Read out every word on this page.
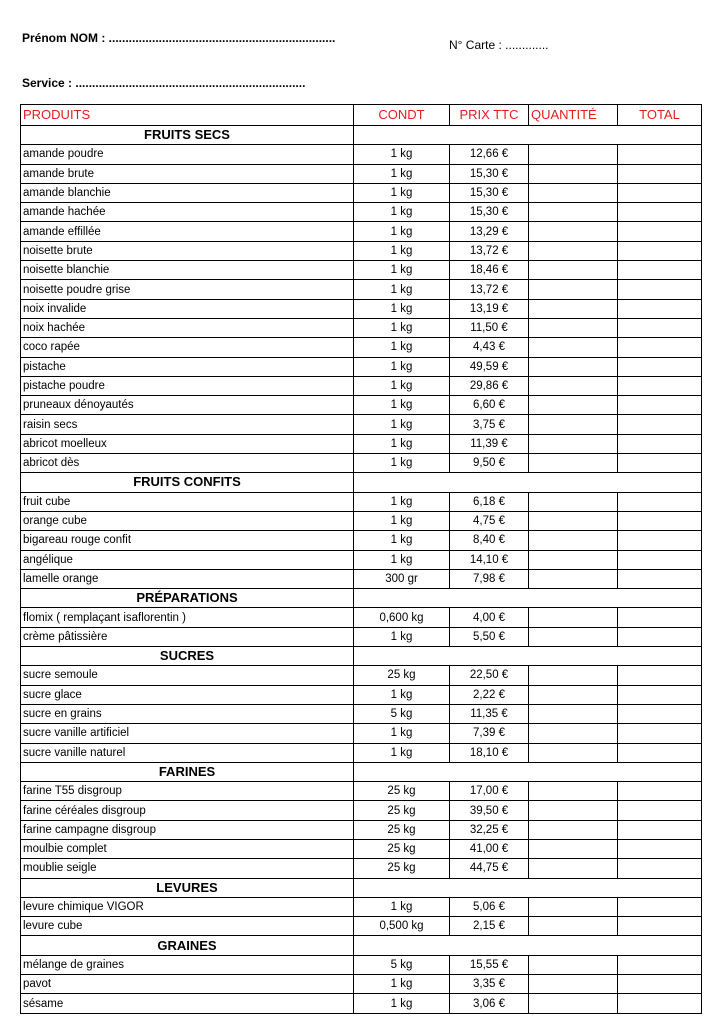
Prénom NOM : ....................................................................	N° Carte : .............
Service : .....................................................................
PRODUITS	CONDT	PRIX TTC	QUANTITÉ	TOTAL
FRUITS SECS				
amande poudre	1 kg	12,66 €		
amande brute	1 kg	15,30 €		
amande blanchie	1 kg	15,30 €		
amande hachée	1 kg	15,30 €		
amande effillée	1 kg	13,29 €		
noisette brute	1 kg	13,72 €		
noisette blanchie	1 kg	18,46 €		
noisette poudre grise	1 kg	13,72 €		
noix invalide	1 kg	13,19 €		
noix hachée	1 kg	11,50 €		
coco rapée	1 kg	4,43 €		
pistache	1 kg	49,59 €		
pistache poudre	1 kg	29,86 €		
pruneaux dénoyautés	1 kg	6,60 €		
raisin secs	1 kg	3,75 €		
abricot moelleux	1 kg	11,39 €		
abricot dès	1 kg	9,50 €		
FRUITS CONFITS				
fruit cube	1 kg	6,18 €		
orange cube	1 kg	4,75 €		
bigareau rouge confit	1 kg	8,40 €		
angélique	1 kg	14,10 €		
lamelle orange	300 gr	7,98 €		
PRÉPARATIONS				
flomix ( remplaçant isaflorentin )	0,600 kg	4,00 €		
crème pâtissière	1 kg	5,50 €		
SUCRES				
sucre semoule	25 kg	22,50 €		
sucre glace	1 kg	2,22 €		
sucre en grains	5 kg	11,35 €		
sucre vanille artificiel	1 kg	7,39 €		
sucre vanille naturel	1 kg	18,10 €		
FARINES				
farine T55 disgroup	25 kg	17,00 €		
farine céréales disgroup	25 kg	39,50 €		
farine campagne disgroup	25 kg	32,25 €		
moulbie complet	25 kg	41,00 €		
moublie seigle	25 kg	44,75 €		
LEVURES				
levure chimique VIGOR	1 kg	5,06 €		
levure cube	0,500 kg	2,15 €		
GRAINES				
mélange de graines	5 kg	15,55 €		
pavot	1 kg	3,35 €		
sésame	1 kg	3,06 €		
